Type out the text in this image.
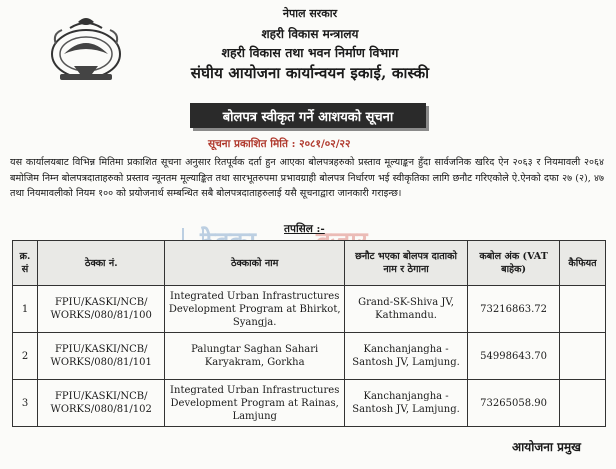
नेपाल सरकार
शहरी विकास मन्त्रालय
शहरी विकास तथा भवन निर्माण विभाग
संघीय आयोजना कार्यान्वयन इकाई, कास्की
बोलपत्र स्वीकृत गर्ने आशयको सूचना
सूचना प्रकाशित मिति : २०८१/०२/२२
यस कार्यालयबाट विभिन्न मितिमा प्रकाशित सूचना अनुसार रितपूर्वक दर्ता हुन आएका बोलपत्रहरुको प्रस्ताव मूल्याङ्कन हुँदा सार्वजनिक खरिद ऐन २०६३ र नियमावली २०६४ बमोजिम निम्न बोलपत्रदाताहरुको प्रस्ताव न्यूनतम मूल्याङ्कित तथा सारभूतरुपमा प्रभावग्राही बोलपत्र निर्धारण भई स्वीकृतिका लागि छनौट गरिएकोले ऐ.ऐनको दफा २७ (२), ४७ तथा नियमावलीको नियम १०० को प्रयोजनार्थ सम्बन्धित सबै बोलपत्रदाताहरुलाई यसै सूचनाद्वारा जानकारी गराइन्छ।
तपसिल :-
क्र. सं	ठेक्का नं.	ठेक्काको नाम	छनौट भएका बोलपत्र दाताको नाम र ठेगाना	कबोल अंक (VAT बाहेक)	कैफियत
1	FPIU/KASKI/NCB/ WORKS/080/81/100	Integrated Urban Infrastructures Development Program at Bhirkot, Syangja.	Grand-SK-Shiva JV, Kathmandu.	73216863.72	
2	FPIU/KASKI/NCB/ WORKS/080/81/101	Palungtar Saghan Sahari Karyakram, Gorkha	Kanchanjangha - Santosh JV, Lamjung.	54998643.70	
3	FPIU/KASKI/NCB/ WORKS/080/81/102	Integrated Urban Infrastructures Development Program at Rainas, Lamjung	Kanchanjangha - Santosh JV, Lamjung.	73265058.90	
आयोजना प्रमुख
